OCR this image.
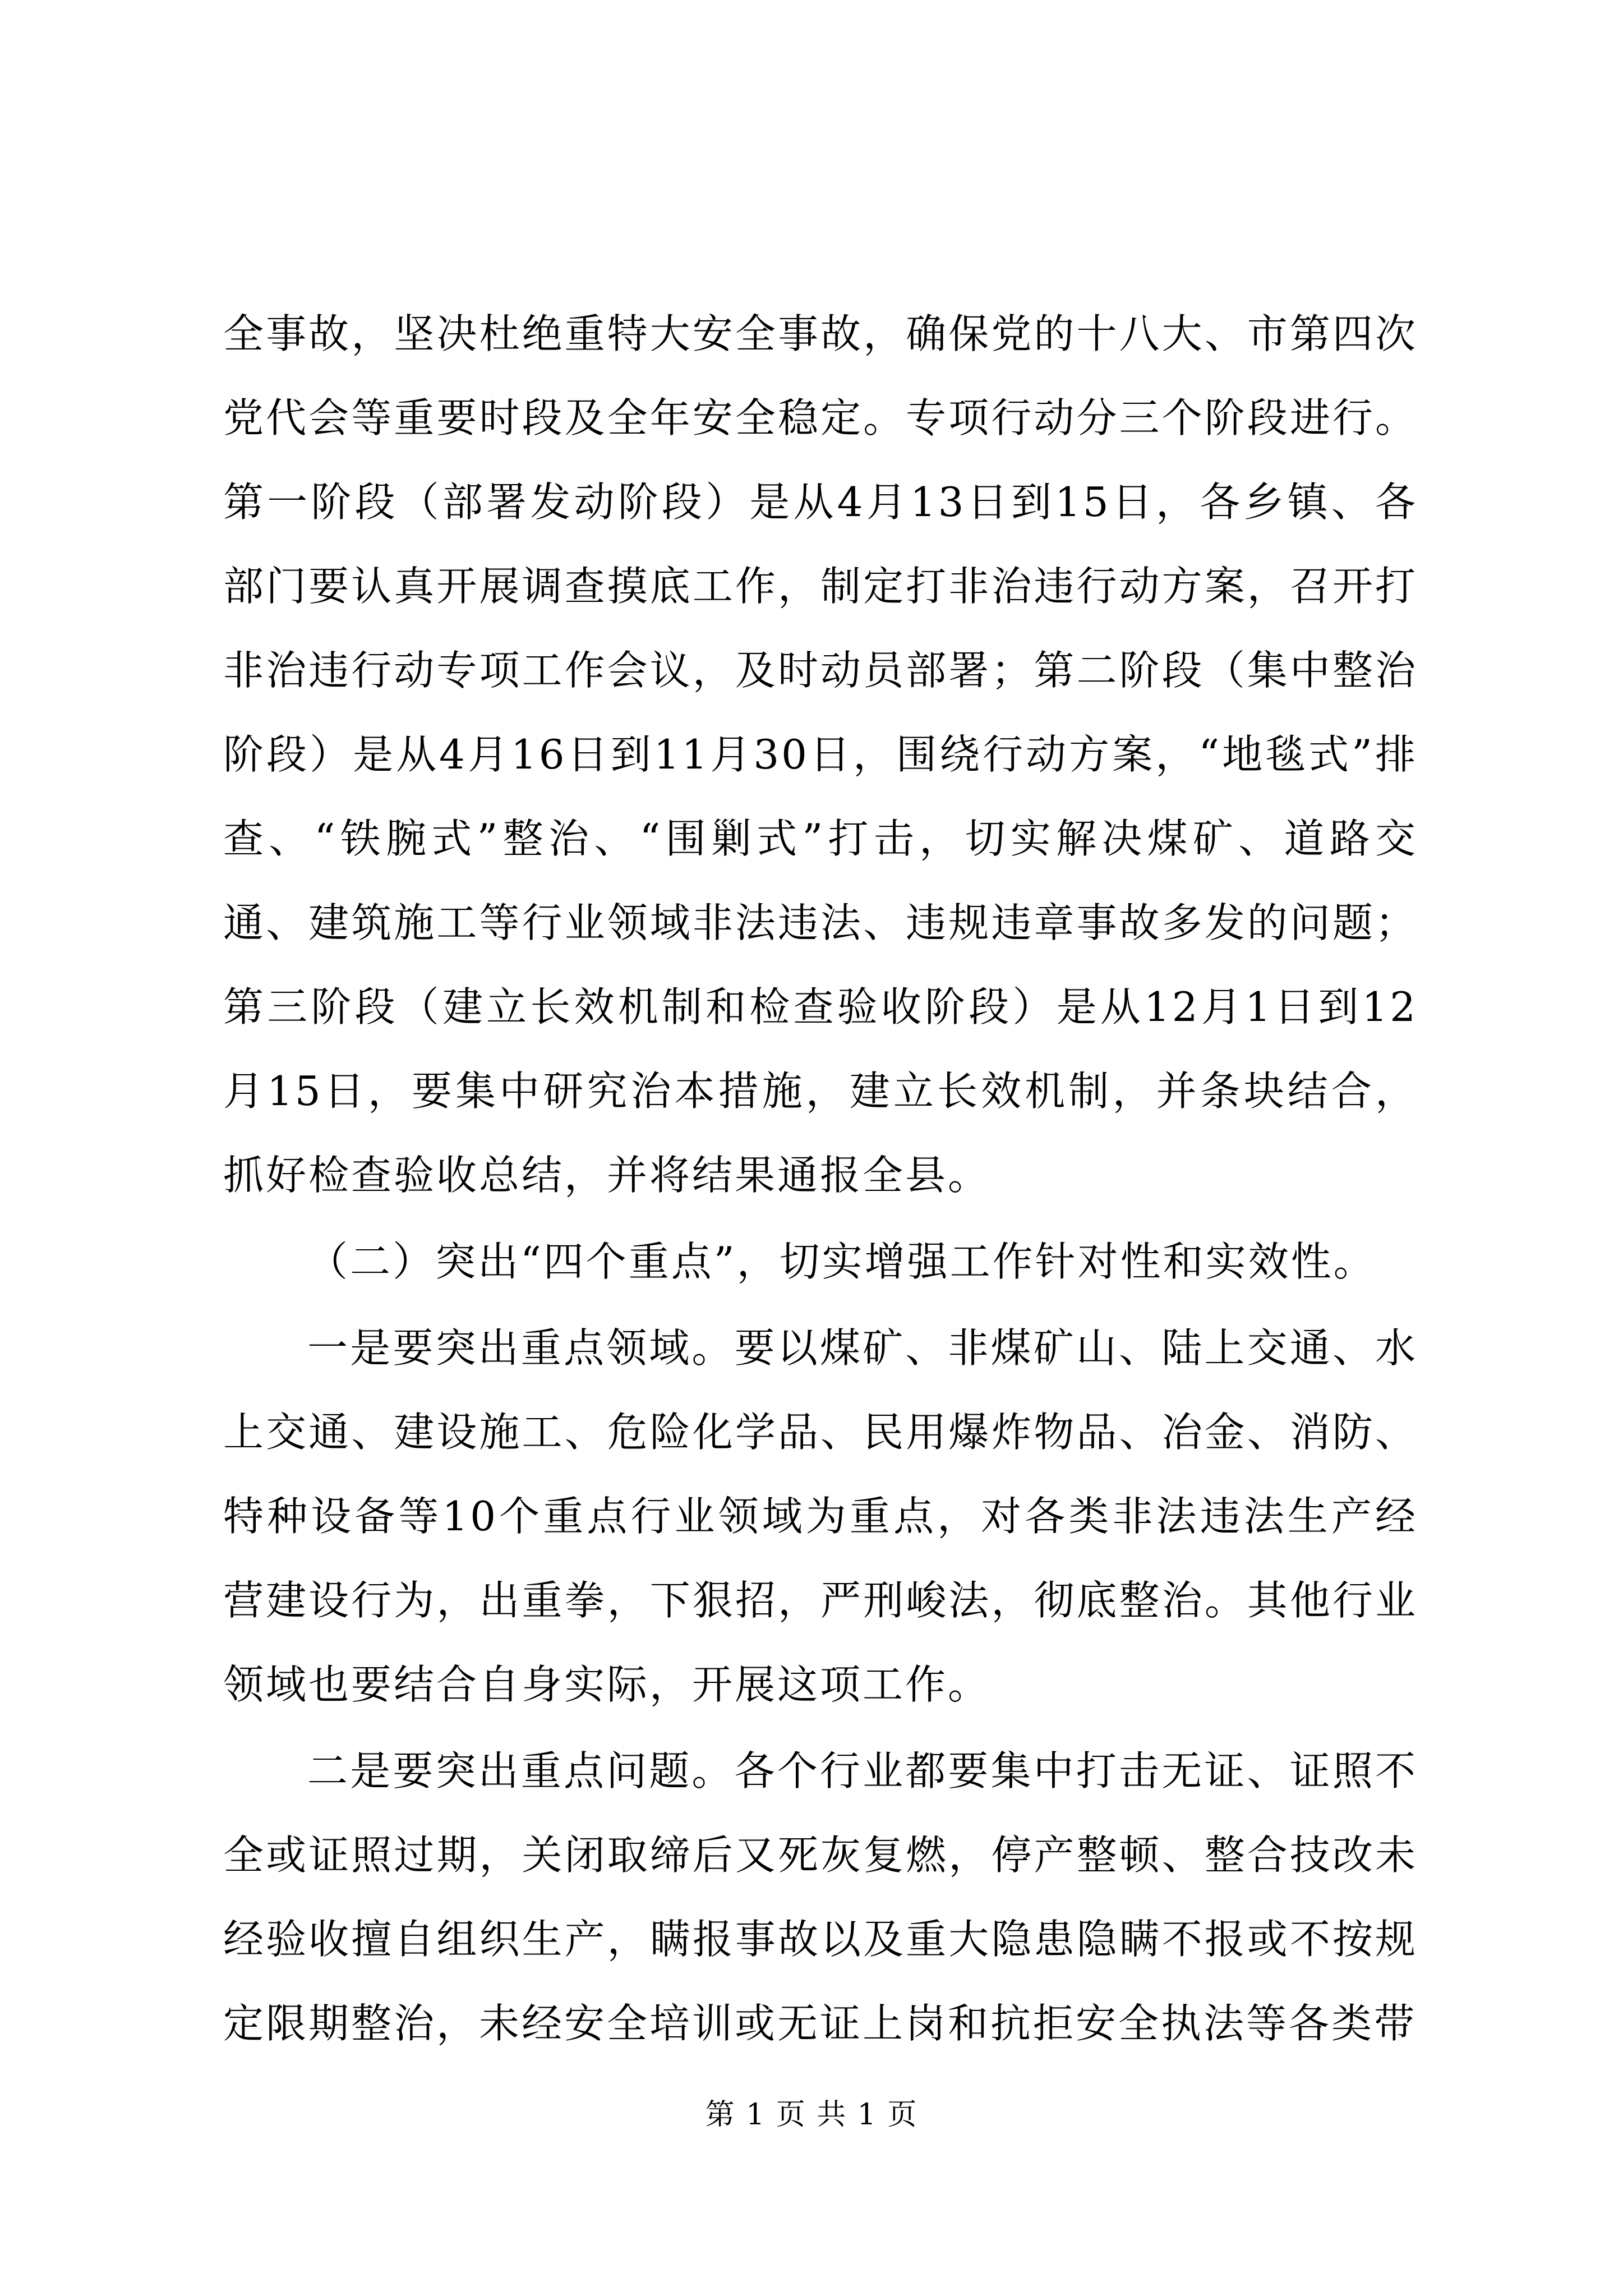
全事故，坚决杜绝重特大安全事故，确保党的十八大、市第四次党代会等重要时段及全年安全稳定。专项行动分三个阶段进行。第一阶段（部署发动阶段）是从4月13日到15日，各乡镇、各部门要认真开展调查摸底工作，制定打非治违行动方案，召开打非治违行动专项工作会议，及时动员部署；第二阶段（集中整治阶段）是从4月16日到11月30日，围绕行动方案，“地毯式”排查、“铁腕式”整治、“围剿式”打击，切实解决煤矿、道路交通、建筑施工等行业领域非法违法、违规违章事故多发的问题；第三阶段（建立长效机制和检查验收阶段）是从12月1日到12月15日，要集中研究治本措施，建立长效机制，并条块结合，抓好检查验收总结，并将结果通报全县。

（二）突出“四个重点”，切实增强工作针对性和实效性。

一是要突出重点领域。要以煤矿、非煤矿山、陆上交通、水上交通、建设施工、危险化学品、民用爆炸物品、冶金、消防、特种设备等10个重点行业领域为重点，对各类非法违法生产经营建设行为，出重拳，下狠招，严刑峻法，彻底整治。其他行业领域也要结合自身实际，开展这项工作。

二是要突出重点问题。各个行业都要集中打击无证、证照不全或证照过期，关闭取缔后又死灰复燃，停产整顿、整合技改未经验收擅自组织生产，瞒报事故以及重大隐患隐瞒不报或不按规定限期整治，未经安全培训或无证上岗和抗拒安全执法等各类带

第 1 页 共 1 页
